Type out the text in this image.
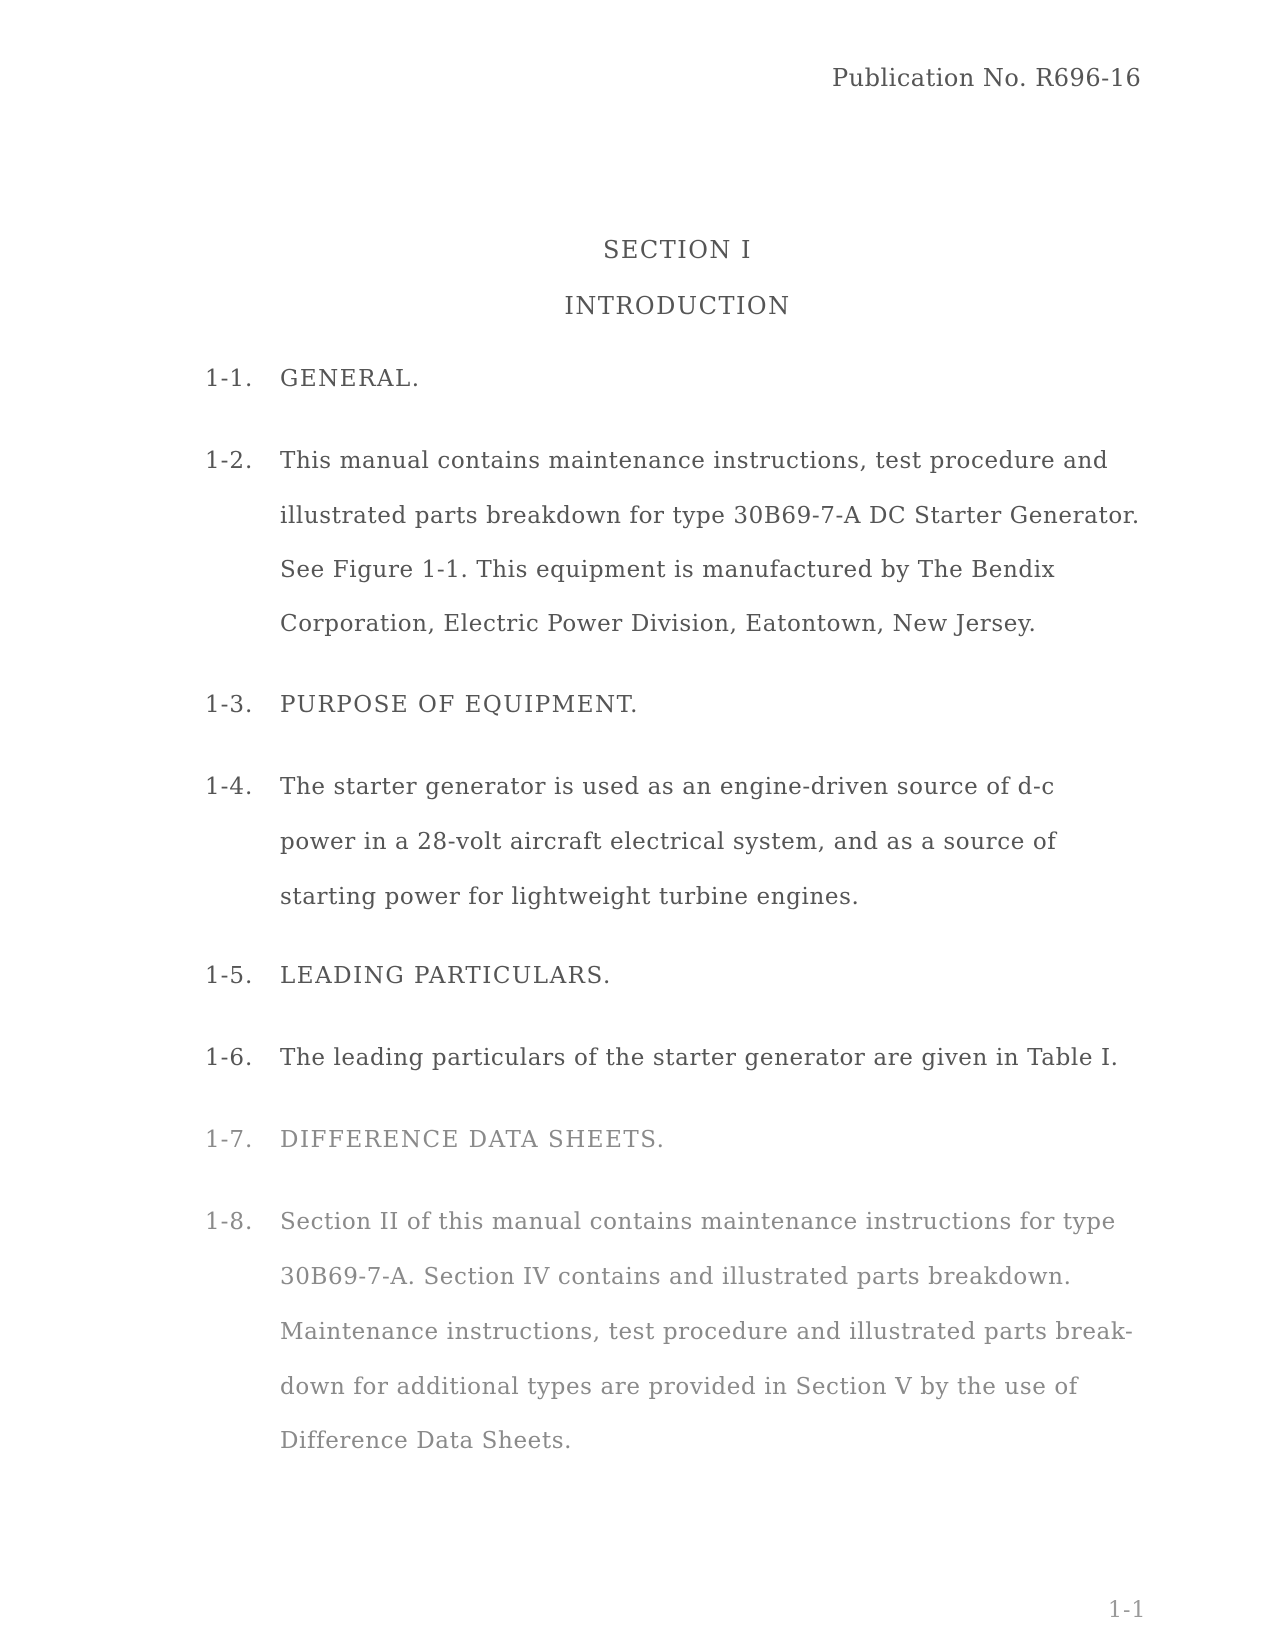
Publication No. R696-16
SECTION I
INTRODUCTION
1-1. GENERAL.
1-2. This manual contains maintenance instructions, test procedure and
illustrated parts breakdown for type 30B69-7-A DC Starter Generator.
See Figure 1-1. This equipment is manufactured by The Bendix
Corporation, Electric Power Division, Eatontown, New Jersey.
1-3. PURPOSE OF EQUIPMENT.
1-4. The starter generator is used as an engine-driven source of d-c
power in a 28-volt aircraft electrical system, and as a source of
starting power for lightweight turbine engines.
1-5. LEADING PARTICULARS.
1-6. The leading particulars of the starter generator are given in Table I.
1-7. DIFFERENCE DATA SHEETS.
1-8. Section II of this manual contains maintenance instructions for type
30B69-7-A. Section IV contains and illustrated parts breakdown.
Maintenance instructions, test procedure and illustrated parts break-
down for additional types are provided in Section V by the use of
Difference Data Sheets.
1-1
